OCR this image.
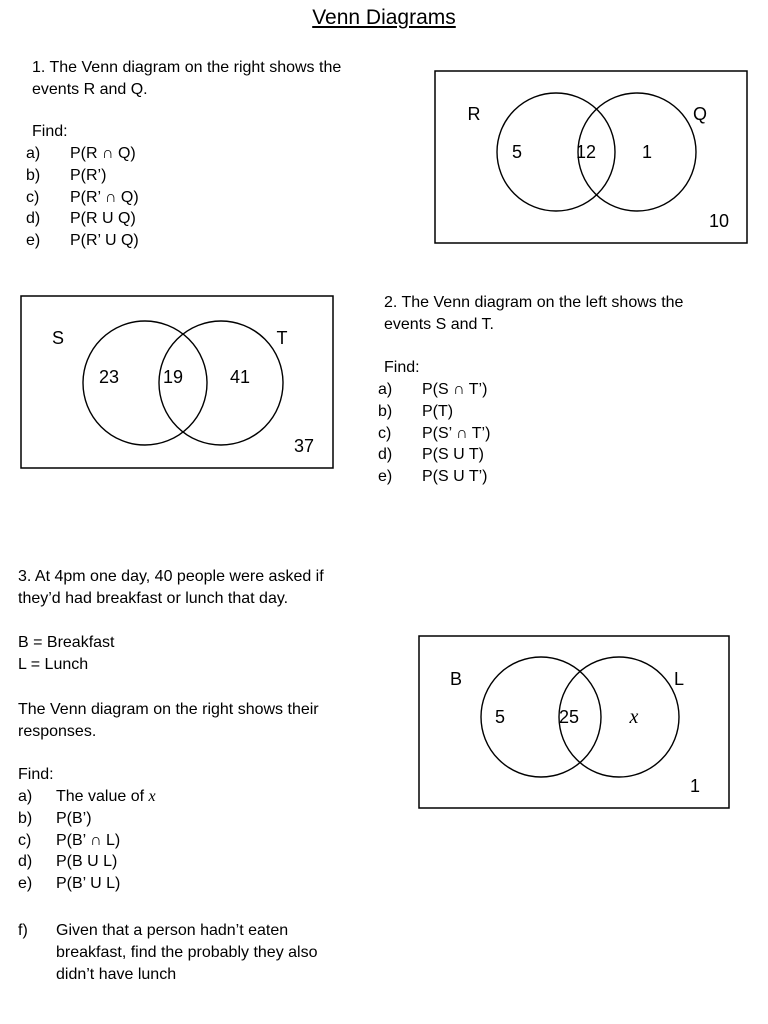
Venn Diagrams
1. The Venn diagram on the right shows the
events R and Q.
Find:
a) P(R ∩ Q)
b) P(R’)
c) P(R’ ∩ Q)
d) P(R U Q)
e) P(R’ U Q)
R	Q
5	12	1
10
S	T
23 19	41
37
2. The Venn diagram on the left shows the
events S and T.
Find:
a) P(S ∩ T’)
b) P(T)
c) P(S’ ∩ T’)
d) P(S U T)
e) P(S U T’)
3. At 4pm one day, 40 people were asked if
they’d had breakfast or lunch that day.
B = Breakfast
L = Lunch
The Venn diagram on the right shows their
responses.
Find:
a) The value of x
b) P(B’)
c) P(B’ ∩ L)
d) P(B U L)
e) P(B’ U L)
f) Given that a person hadn’t eaten
breakfast, find the probably they also
didn’t have lunch
B	L
5	25	x
1
